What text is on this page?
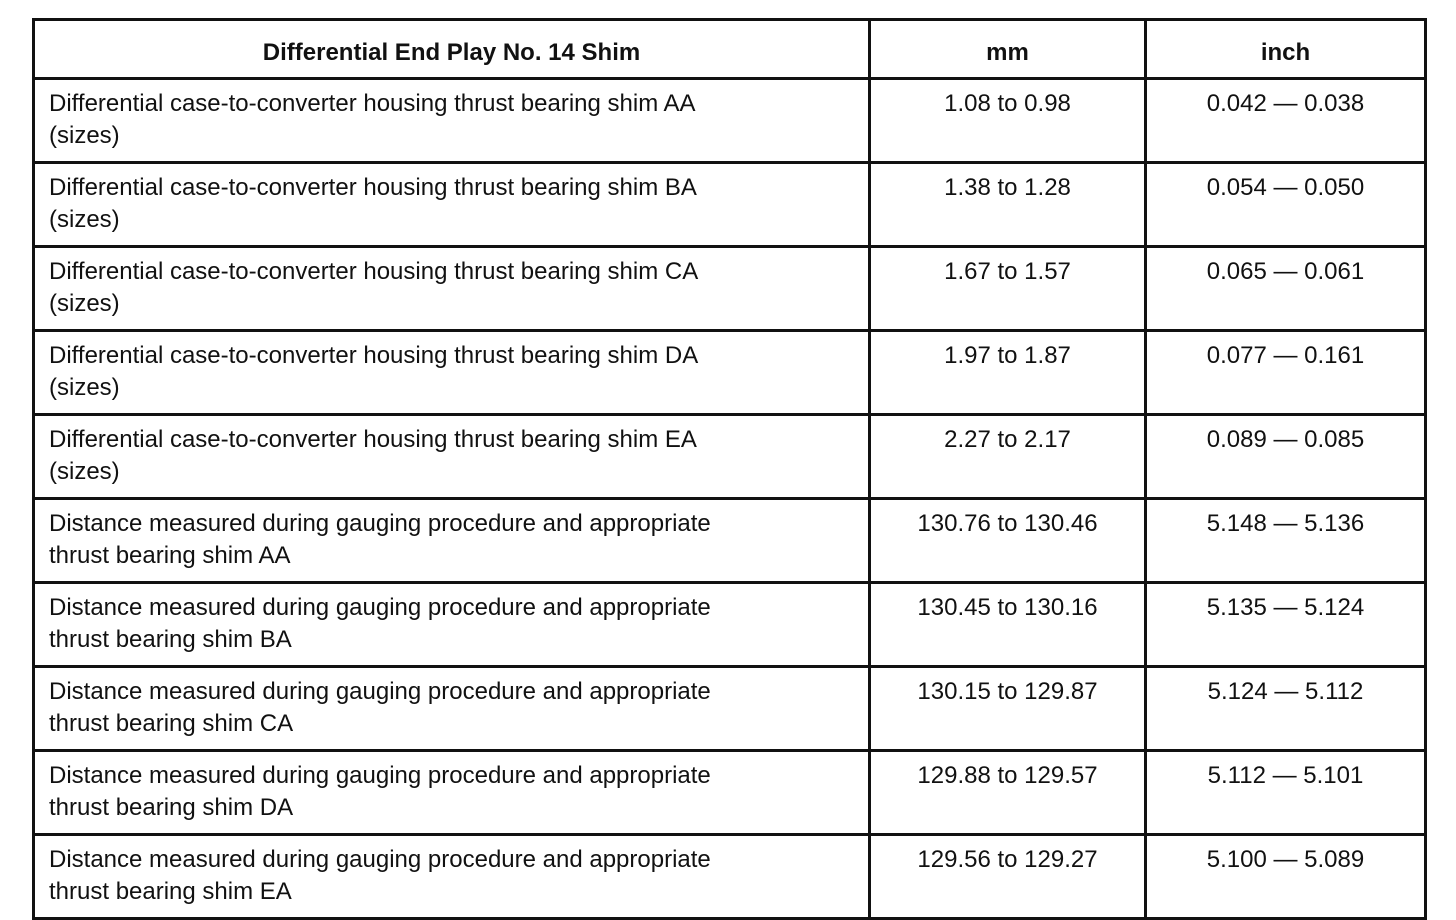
Differential End Play No. 14 Shim	mm	inch

Differential case-to-converter housing thrust bearing shim AA
(sizes)	1.08 to 0.98	0.042 — 0.038

Differential case-to-converter housing thrust bearing shim BA
(sizes)	1.38 to 1.28	0.054 — 0.050

Differential case-to-converter housing thrust bearing shim CA
(sizes)	1.67 to 1.57	0.065 — 0.061

Differential case-to-converter housing thrust bearing shim DA
(sizes)	1.97 to 1.87	0.077 — 0.161

Differential case-to-converter housing thrust bearing shim EA
(sizes)	2.27 to 2.17	0.089 — 0.085

Distance measured during gauging procedure and appropriate
thrust bearing shim AA	130.76 to 130.46	5.148 — 5.136

Distance measured during gauging procedure and appropriate
thrust bearing shim BA	130.45 to 130.16	5.135 — 5.124

Distance measured during gauging procedure and appropriate
thrust bearing shim CA	130.15 to 129.87	5.124 — 5.112

Distance measured during gauging procedure and appropriate
thrust bearing shim DA	129.88 to 129.57	5.112 — 5.101

Distance measured during gauging procedure and appropriate
thrust bearing shim EA	129.56 to 129.27	5.100 — 5.089
